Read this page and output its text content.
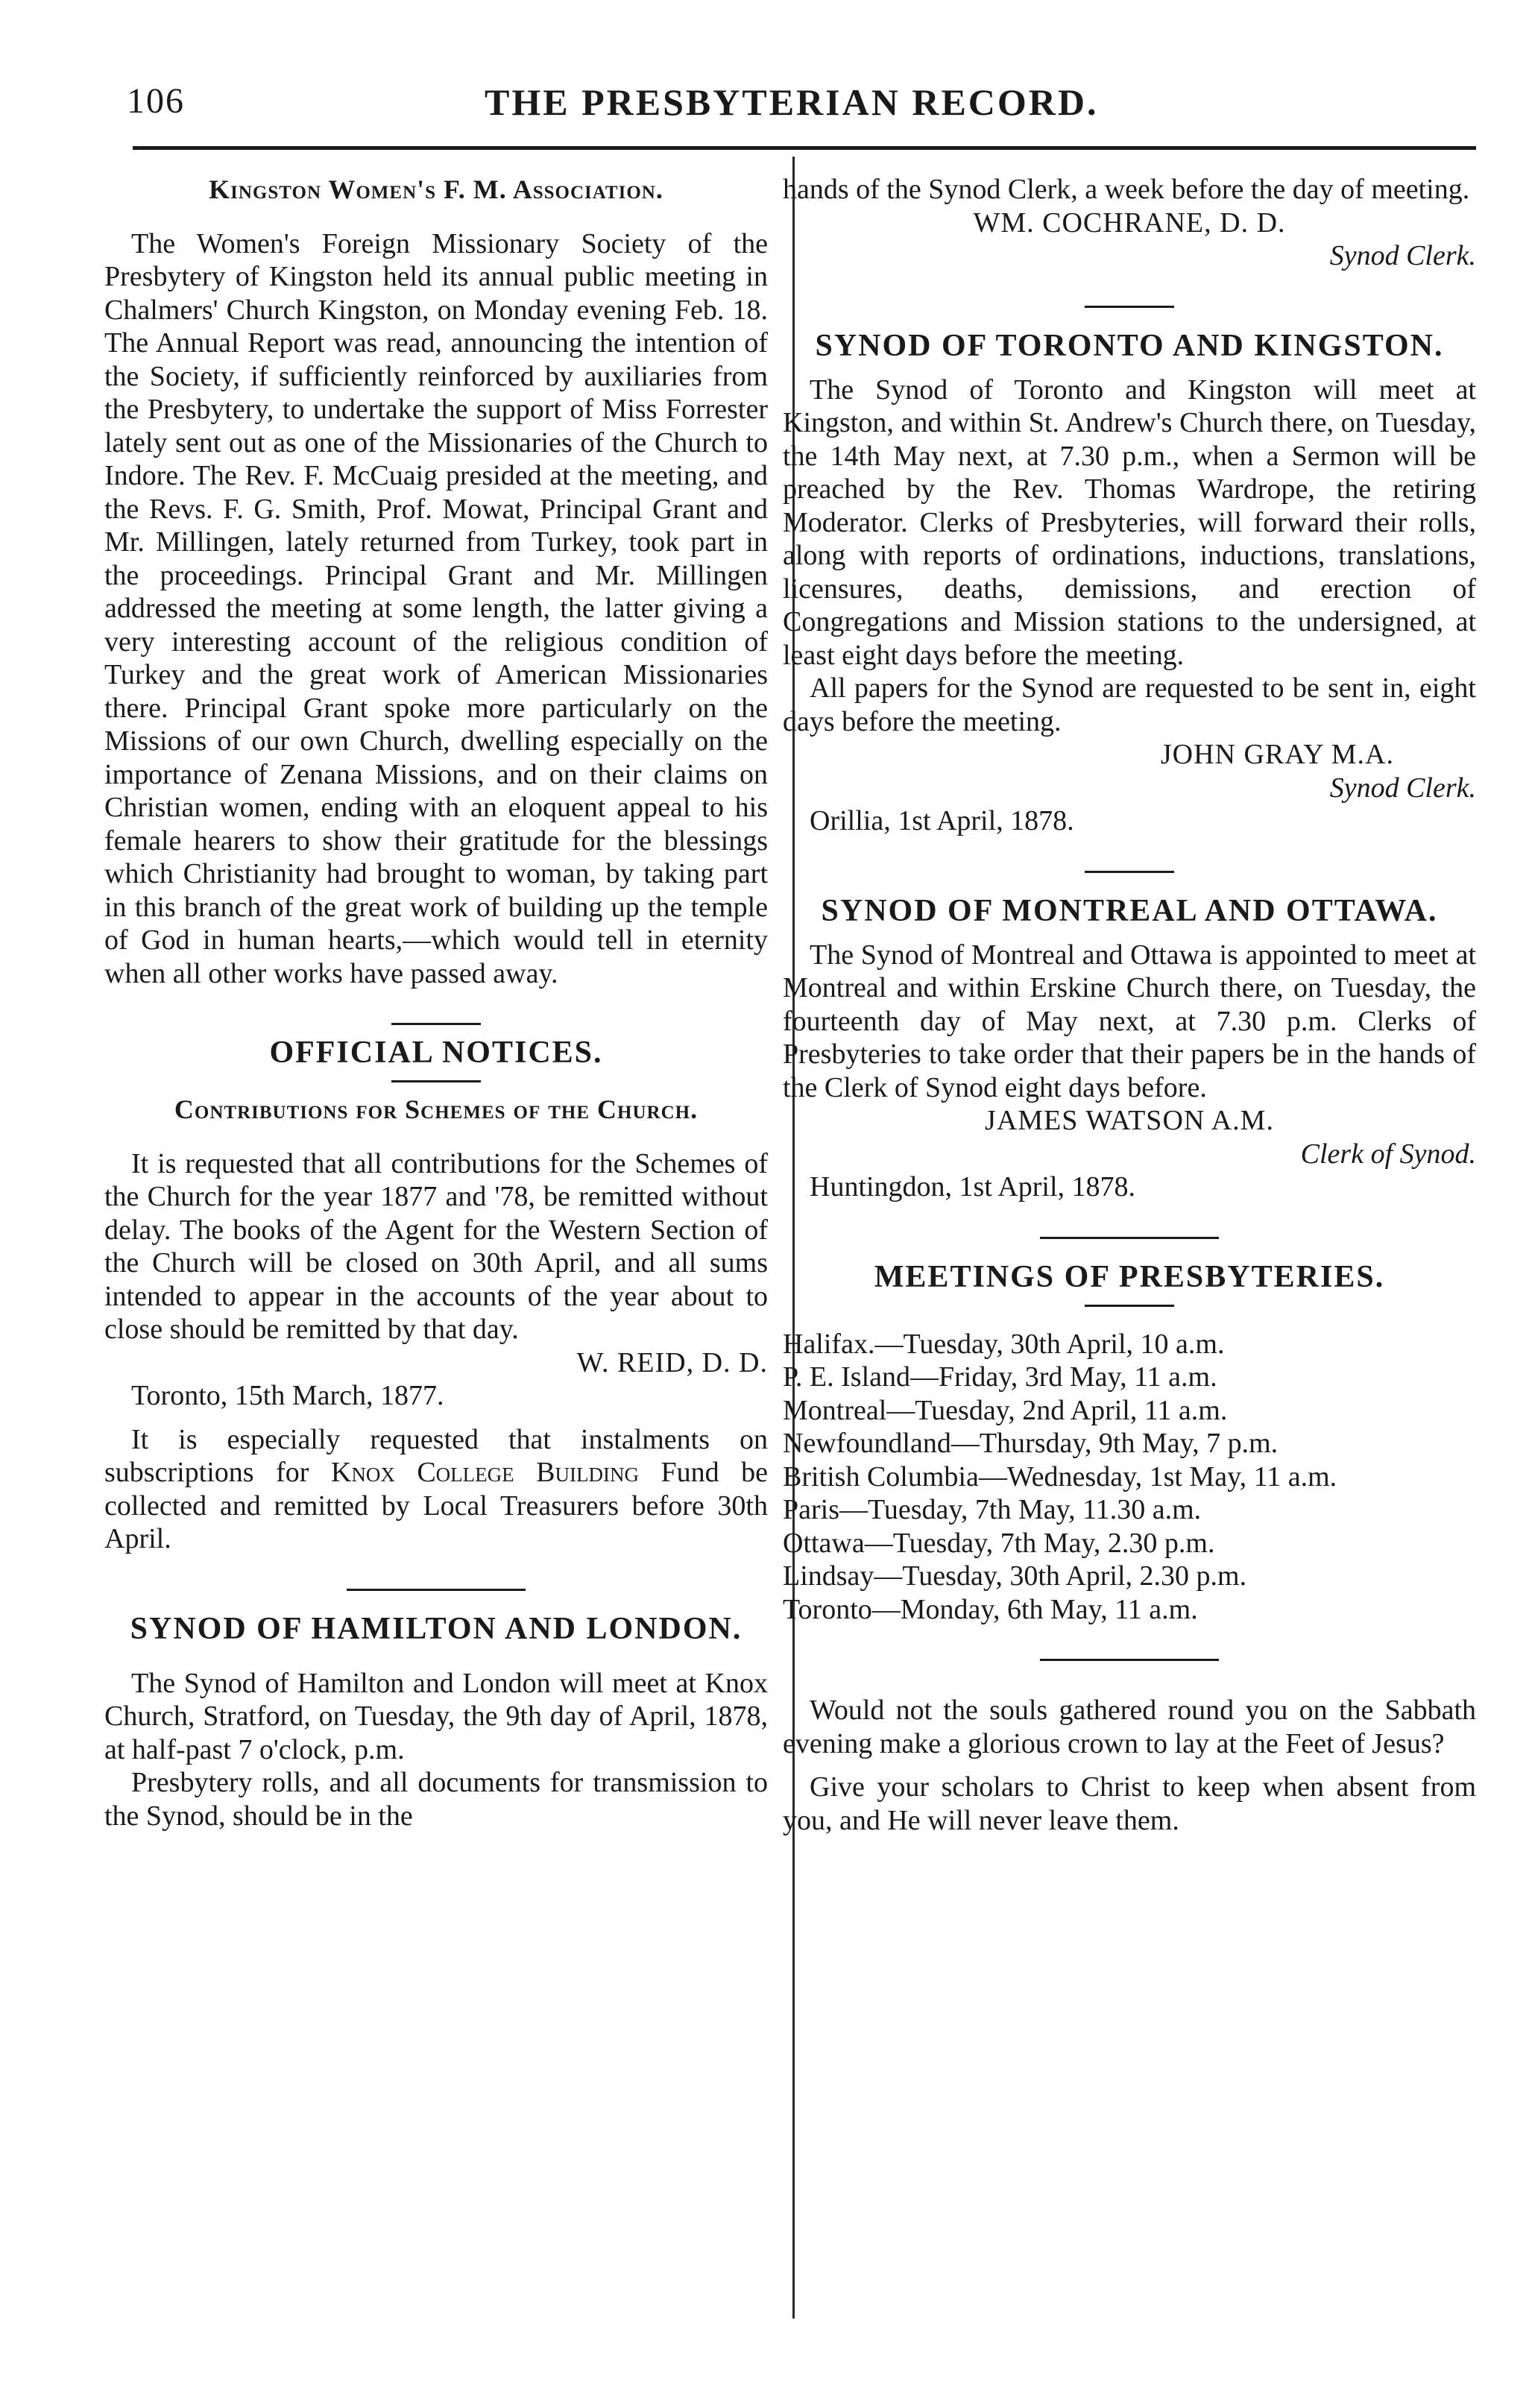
106	THE PRESBYTERIAN RECORD.
Kingston Women's F. M. Association.

The Women's Foreign Missionary Society of the Presbytery of Kingston held its annual public meeting in Chalmers' Church Kingston, on Monday evening Feb. 18. The Annual Report was read, announcing the intention of the Society, if sufficiently reinforced by auxiliaries from the Presbytery, to undertake the support of Miss Forrester lately sent out as one of the Missionaries of the Church to Indore. The Rev. F. McCuaig presided at the meeting, and the Revs. F. G. Smith, Prof. Mowat, Principal Grant and Mr. Millingen, lately returned from Turkey, took part in the proceedings. Principal Grant and Mr. Millingen addressed the meeting at some length, the latter giving a very interesting account of the religious condition of Turkey and the great work of American Missionaries there. Principal Grant spoke more particularly on the Missions of our own Church, dwelling especially on the importance of Zenana Missions, and on their claims on Christian women, ending with an eloquent appeal to his female hearers to show their gratitude for the blessings which Christianity had brought to woman, by taking part in this branch of the great work of building up the temple of God in human hearts,—which would tell in eternity when all other works have passed away.

OFFICIAL NOTICES.
Contributions for Schemes of the Church.

It is requested that all contributions for the Schemes of the Church for the year 1877 and '78, be remitted without delay. The books of the Agent for the Western Section of the Church will be closed on 30th April, and all sums intended to appear in the accounts of the year about to close should be remitted by that day.

W. REID, D. D.

Toronto, 15th March, 1877.

It is especially requested that instalments on subscriptions for Knox College Building Fund be collected and remitted by Local Treasurers before 30th April.

SYNOD OF HAMILTON AND LONDON.

The Synod of Hamilton and London will meet at Knox Church, Stratford, on Tuesday, the 9th day of April, 1878, at half-past 7 o'clock, p.m.

Presbytery rolls, and all documents for transmission to the Synod, should be in the

hands of the Synod Clerk, a week before the day of meeting.

WM. COCHRANE, D. D.

Synod Clerk.

SYNOD OF TORONTO AND KINGSTON.

The Synod of Toronto and Kingston will meet at Kingston, and within St. Andrew's Church there, on Tuesday, the 14th May next, at 7.30 p.m., when a Sermon will be preached by the Rev. Thomas Wardrope, the retiring Moderator. Clerks of Presbyteries, will forward their rolls, along with reports of ordinations, inductions, translations, licensures, deaths, demissions, and erection of Congregations and Mission stations to the undersigned, at least eight days before the meeting.

All papers for the Synod are requested to be sent in, eight days before the meeting.

JOHN GRAY M.A.

Synod Clerk.

Orillia, 1st April, 1878.

SYNOD OF MONTREAL AND OTTAWA.

The Synod of Montreal and Ottawa is appointed to meet at Montreal and within Erskine Church there, on Tuesday, the fourteenth day of May next, at 7.30 p.m. Clerks of Presbyteries to take order that their papers be in the hands of the Clerk of Synod eight days before.

JAMES WATSON A.M.

Clerk of Synod.

Huntingdon, 1st April, 1878.

MEETINGS OF PRESBYTERIES.

Halifax.—Tuesday, 30th April, 10 a.m.

P. E. Island—Friday, 3rd May, 11 a.m.

Montreal—Tuesday, 2nd April, 11 a.m.

Newfoundland—Thursday, 9th May, 7 p.m.

British Columbia—Wednesday, 1st May, 11 a.m.

Paris—Tuesday, 7th May, 11.30 a.m.

Ottawa—Tuesday, 7th May, 2.30 p.m.

Lindsay—Tuesday, 30th April, 2.30 p.m.

Toronto—Monday, 6th May, 11 a.m.

Would not the souls gathered round you on the Sabbath evening make a glorious crown to lay at the Feet of Jesus?

Give your scholars to Christ to keep when absent from you, and He will never leave them.
